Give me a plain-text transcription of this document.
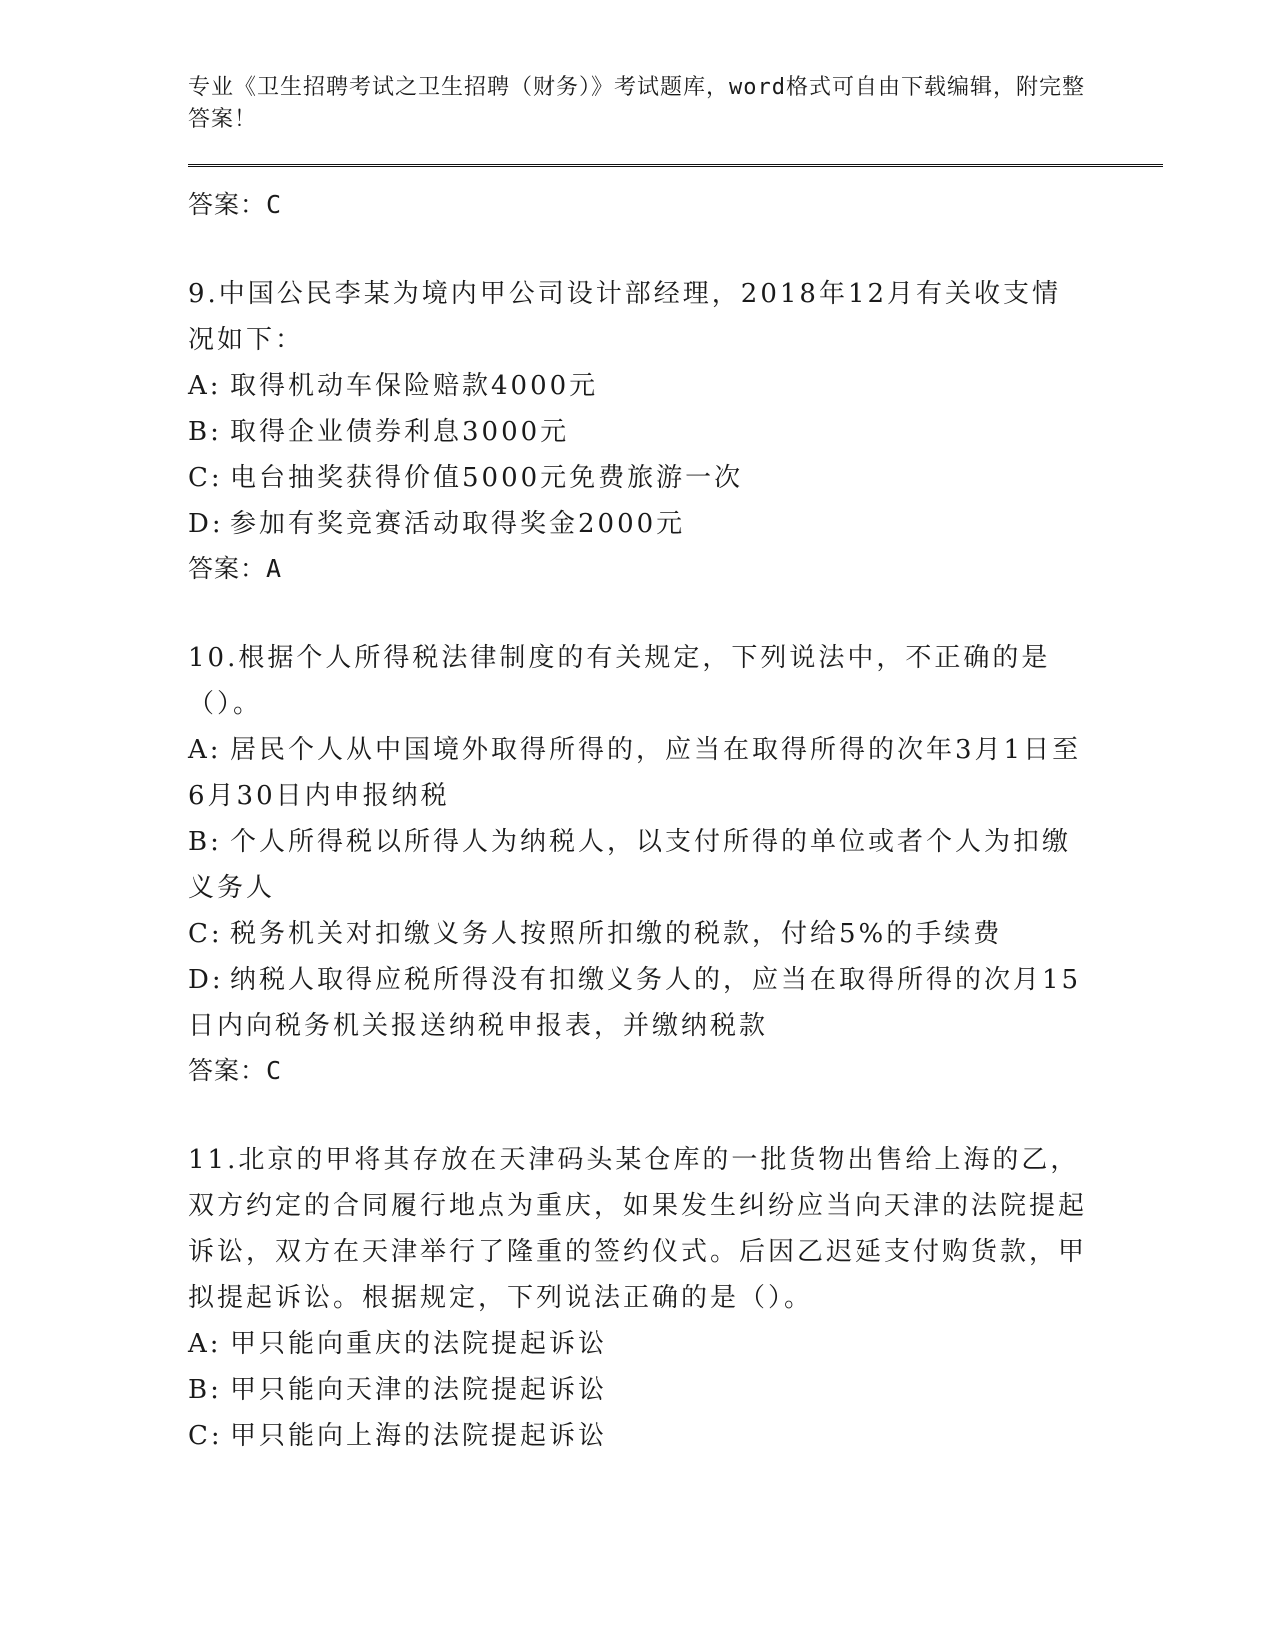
专业《卫生招聘考试之卫生招聘（财务）》考试题库，word格式可自由下载编辑，附完整答案！
答案：C
9.中国公民李某为境内甲公司设计部经理，2018年12月有关收支情况如下：
A: 取得机动车保险赔款4000元
B: 取得企业债券利息3000元
C: 电台抽奖获得价值5000元免费旅游一次
D: 参加有奖竞赛活动取得奖金2000元
答案：A
10.根据个人所得税法律制度的有关规定，下列说法中，不正确的是（）。
A: 居民个人从中国境外取得所得的，应当在取得所得的次年3月1日至6月30日内申报纳税
B: 个人所得税以所得人为纳税人，以支付所得的单位或者个人为扣缴义务人
C: 税务机关对扣缴义务人按照所扣缴的税款，付给5%的手续费
D: 纳税人取得应税所得没有扣缴义务人的，应当在取得所得的次月15日内向税务机关报送纳税申报表，并缴纳税款
答案：C
11.北京的甲将其存放在天津码头某仓库的一批货物出售给上海的乙，双方约定的合同履行地点为重庆，如果发生纠纷应当向天津的法院提起诉讼，双方在天津举行了隆重的签约仪式。后因乙迟延支付购货款，甲拟提起诉讼。根据规定，下列说法正确的是（）。
A: 甲只能向重庆的法院提起诉讼
B: 甲只能向天津的法院提起诉讼
C: 甲只能向上海的法院提起诉讼
